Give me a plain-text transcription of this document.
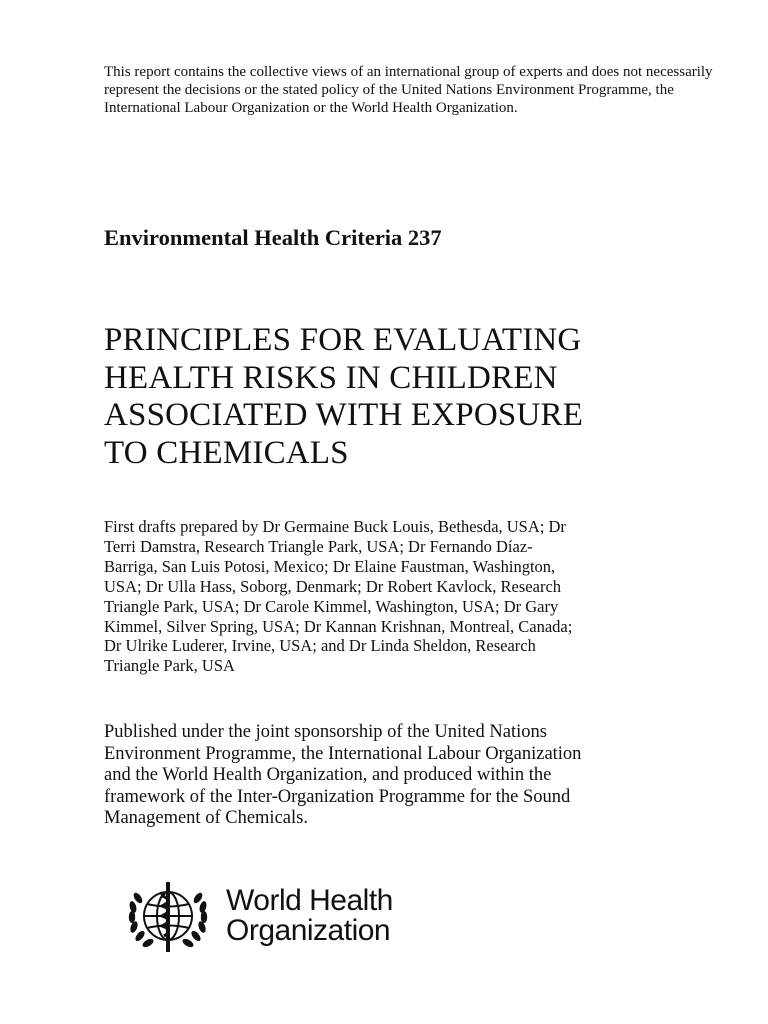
This report contains the collective views of an international group of experts and does not necessarily represent the decisions or the stated policy of the United Nations Environment Programme, the International Labour Organization or the World Health Organization.

Environmental Health Criteria 237
PRINCIPLES FOR EVALUATING
HEALTH RISKS IN CHILDREN
ASSOCIATED WITH EXPOSURE
TO CHEMICALS
First drafts prepared by Dr Germaine Buck Louis, Bethesda, USA; Dr
Terri Damstra, Research Triangle Park, USA; Dr Fernando Díaz-
Barriga, San Luis Potosi, Mexico; Dr Elaine Faustman, Washington,
USA; Dr Ulla Hass, Soborg, Denmark; Dr Robert Kavlock, Research
Triangle Park, USA; Dr Carole Kimmel, Washington, USA; Dr Gary
Kimmel, Silver Spring, USA; Dr Kannan Krishnan, Montreal, Canada;
Dr Ulrike Luderer, Irvine, USA; and Dr Linda Sheldon, Research
Triangle Park, USA
Published under the joint sponsorship of the United Nations
Environment Programme, the International Labour Organization
and the World Health Organization, and produced within the
framework of the Inter-Organization Programme for the Sound
Management of Chemicals.
World Health
Organization
